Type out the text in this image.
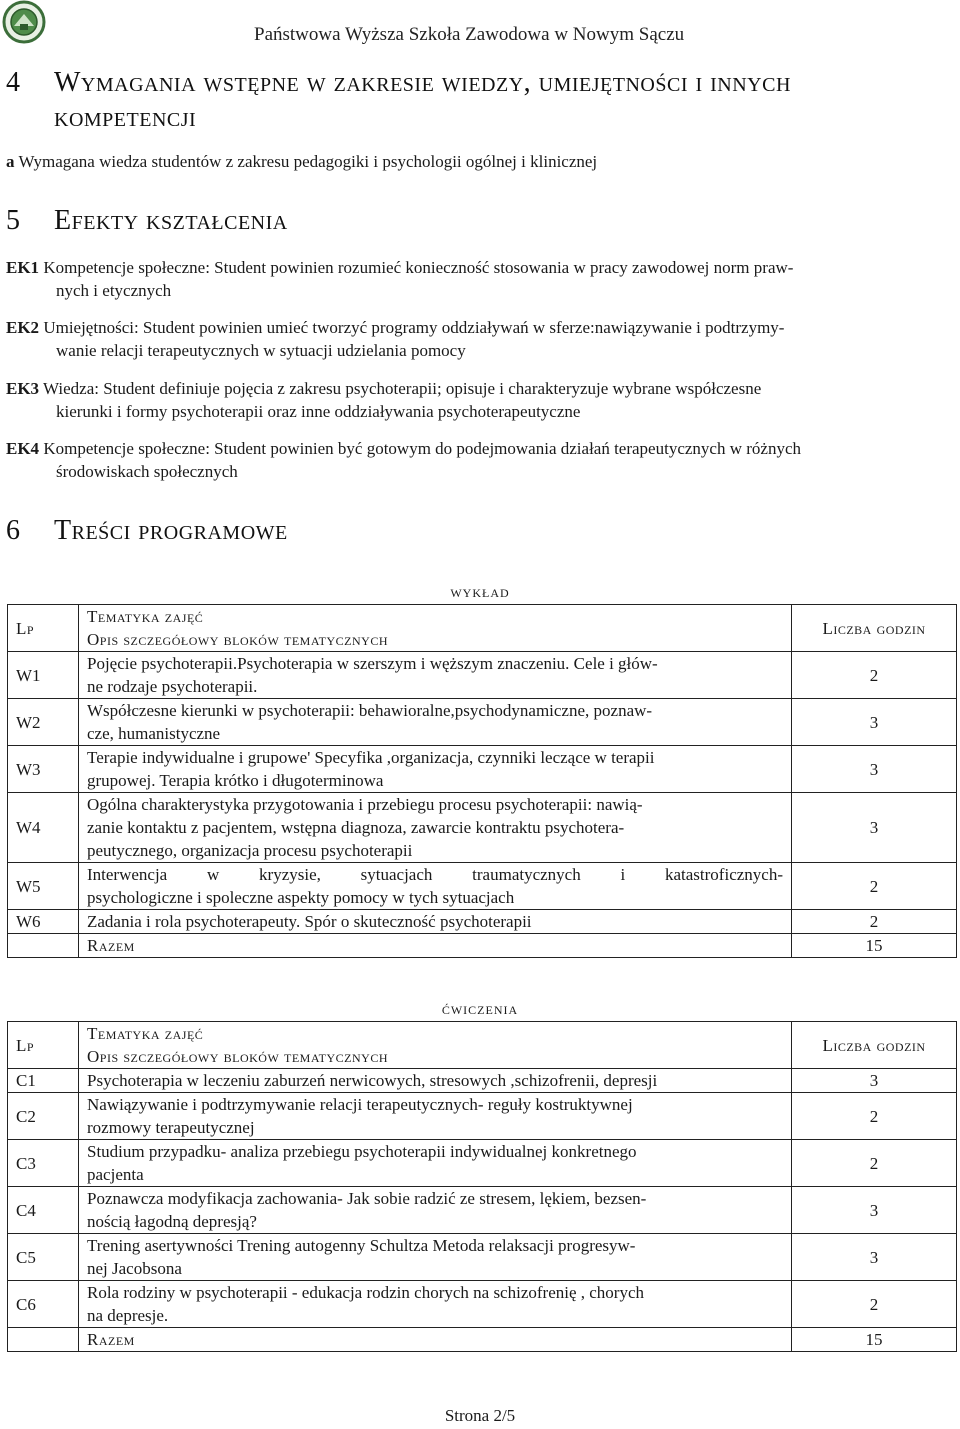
Państwowa Wyższa Szkoła Zawodowa w Nowym Sączu
4 Wymagania wstępne w zakresie wiedzy, umiejętności i innych
kompetencji
a Wymagana wiedza studentów z zakresu pedagogiki i psychologii ogólnej i klinicznej
5 Efekty kształcenia
EK1 Kompetencje społeczne: Student powinien rozumieć konieczność stosowania w pracy zawodowej norm praw-
nych i etycznych
EK2 Umiejętności: Student powinien umieć tworzyć programy oddziaływań w sferze:nawiązywanie i podtrzymy-
wanie relacji terapeutycznych w sytuacji udzielania pomocy
EK3 Wiedza: Student definiuje pojęcia z zakresu psychoterapii; opisuje i charakteryzuje wybrane współczesne
kierunki i formy psychoterapii oraz inne oddziaływania psychoterapeutyczne
EK4 Kompetencje społeczne: Student powinien być gotowym do podejmowania działań terapeutycznych w różnych
środowiskach społecznych
6 Treści programowe
wykład
Lp	Tematyka zajęć
Opis szczegółowy bloków tematycznych	Liczba godzin
W1	Pojęcie psychoterapii.Psychoterapia w szerszym i węższym znaczeniu. Cele i głów-
ne rodzaje psychoterapii.	2
W2	Współczesne kierunki w psychoterapii: behawioralne,psychodynamiczne, poznaw-
cze, humanistyczne	3
W3	Terapie indywidualne i grupowe' Specyfika ,organizacja, czynniki leczące w terapii
grupowej. Terapia krótko i długoterminowa	3
W4	Ogólna charakterystyka przygotowania i przebiegu procesu psychoterapii: nawią-
zanie kontaktu z pacjentem, wstępna diagnoza, zawarcie kontraktu psychotera-
peutycznego, organizacja procesu psychoterapii	3
W5	Interwencja w kryzysie, sytuacjach traumatycznych i katastroficznych-
psychologiczne i spoleczne aspekty pomocy w tych sytuacjach	2
W6	Zadania i rola psychoterapeuty. Spór o skuteczność psychoterapii	2
	Razem	15
ćwiczenia
Lp	Tematyka zajęć
Opis szczegółowy bloków tematycznych	Liczba godzin
C1	Psychoterapia w leczeniu zaburzeń nerwicowych, stresowych ,schizofrenii, depresji	3
C2	Nawiązywanie i podtrzymywanie relacji terapeutycznych- reguły kostruktywnej
rozmowy terapeutycznej	2
C3	Studium przypadku- analiza przebiegu psychoterapii indywidualnej konkretnego
pacjenta	2
C4	Poznawcza modyfikacja zachowania- Jak sobie radzić ze stresem, lękiem, bezsen-
nością łagodną depresją?	3
C5	Trening asertywności Trening autogenny Schultza Metoda relaksacji progresyw-
nej Jacobsona	3
C6	Rola rodziny w psychoterapii - edukacja rodzin chorych na schizofrenię , chorych
na depresje.	2
	Razem	15
Strona 2/5
